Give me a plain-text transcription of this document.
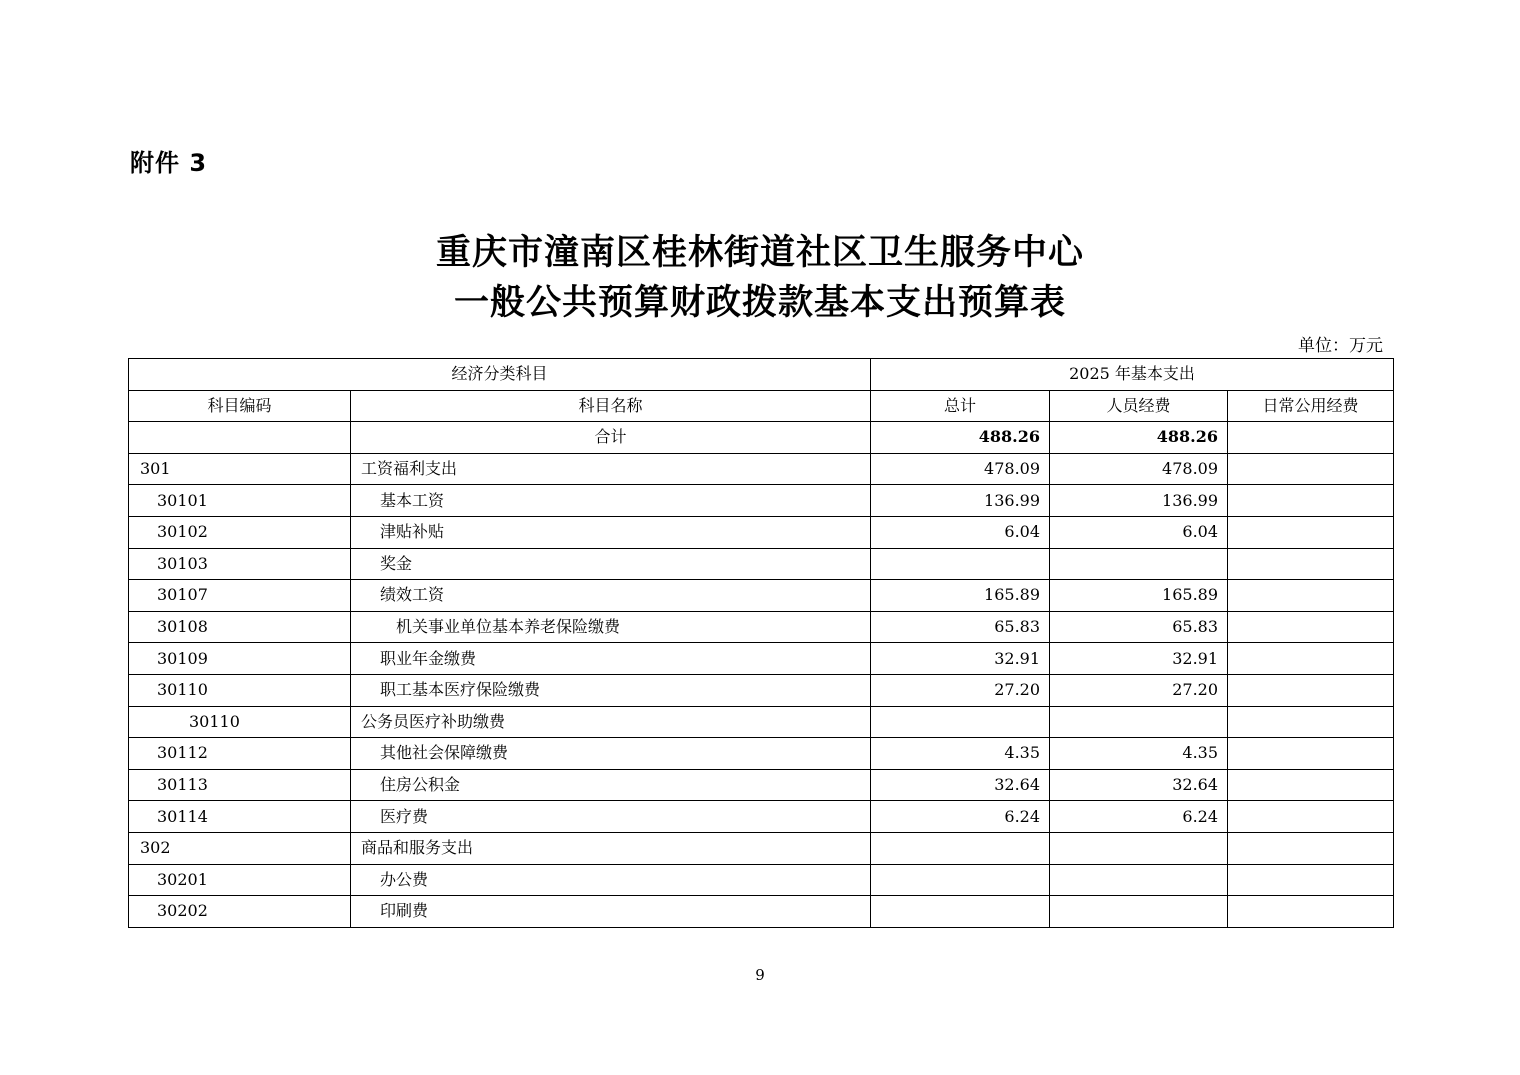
附件 3
重庆市潼南区桂林街道社区卫生服务中心
一般公共预算财政拨款基本支出预算表
单位：万元
经济分类科目		2025 年基本支出		
科目编码	科目名称	总计	人员经费	日常公用经费
	合计	488.26	488.26	
301	工资福利支出	478.09	478.09	
30101	基本工资	136.99	136.99	
30102	津贴补贴	6.04	6.04	
30103	奖金			
30107	绩效工资	165.89	165.89	
30108	机关事业单位基本养老保险缴费	65.83	65.83	
30109	职业年金缴费	32.91	32.91	
30110	职工基本医疗保险缴费	27.20	27.20	
30110	公务员医疗补助缴费			
30112	其他社会保障缴费	4.35	4.35	
30113	住房公积金	32.64	32.64	
30114	医疗费	6.24	6.24	
302	商品和服务支出			
30201	办公费			
30202	印刷费			
9
